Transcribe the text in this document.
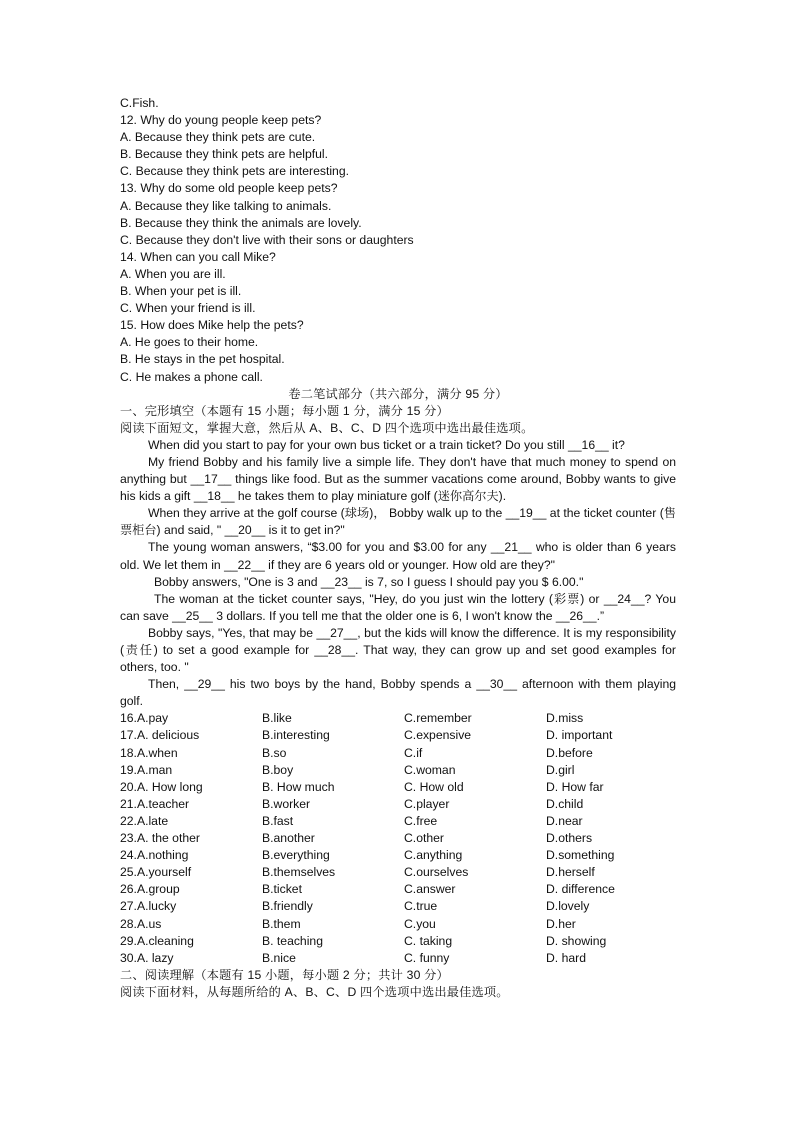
C.Fish.
12. Why do young people keep pets?
A. Because they think pets are cute.
B. Because they think pets are helpful.
C. Because they think pets are interesting.
13. Why do some old people keep pets?
A. Because they like talking to animals.
B. Because they think the animals are lovely.
C. Because they don't live with their sons or daughters
14. When can you call Mike?
A. When you are ill.
B. When your pet is ill.
C. When your friend is ill.
15. How does Mike help the pets?
A. He goes to their home.
B. He stays in the pet hospital.
C. He makes a phone call.
卷二笔试部分（共六部分，满分 95 分）
一、完形填空（本题有 15 小题；每小题 1 分，满分 15 分）
阅读下面短文，掌握大意，然后从 A、B、C、D 四个选项中选出最佳选项。
When did you start to pay for your own bus ticket or a train ticket? Do you still __16__ it?
My friend Bobby and his family live a simple life. They don't have that much money to spend on anything but __17__ things like food. But as the summer vacations come around, Bobby wants to give his kids a gift __18__ he takes them to play miniature golf (迷你高尔夫).
When they arrive at the golf course (球场)， Bobby walk up to the __19__ at the ticket counter (售票柜台) and said, " __20__ is it to get in?"
The young woman answers, “$3.00 for you and $3.00 for any __21__ who is older than 6 years old. We let them in __22__ if they are 6 years old or younger. How old are they?"
Bobby answers, "One is 3 and __23__ is 7, so I guess I should pay you $ 6.00."
The woman at the ticket counter says, "Hey, do you just win the lottery (彩票) or __24__? You can save __25__ 3 dollars. If you tell me that the older one is 6, I won't know the __26__.”
Bobby says, "Yes, that may be __27__, but the kids will know the difference. It is my responsibility (责任) to set a good example for __28__. That way, they can grow up and set good examples for others, too. "
Then, __29__ his two boys by the hand, Bobby spends a __30__ afternoon with them playing golf.
16.A.pay	B.like	C.remember	D.miss
17.A. delicious	B.interesting	C.expensive	D. important
18.A.when	B.so	C.if	D.before
19.A.man	B.boy	C.woman	D.girl
20.A. How long	B. How much	C. How old	D. How far
21.A.teacher	B.worker	C.player	D.child
22.A.late	B.fast	C.free	D.near
23.A. the other	B.another	C.other	D.others
24.A.nothing	B.everything	C.anything	D.something
25.A.yourself	B.themselves	C.ourselves	D.herself
26.A.group	B.ticket	C.answer	D. difference
27.A.lucky	B.friendly	C.true	D.lovely
28.A.us	B.them	C.you	D.her
29.A.cleaning	B. teaching	C. taking	D. showing
30.A. lazy	B.nice	C. funny	D. hard
二、阅读理解（本题有 15 小题，每小题 2 分；共计 30 分）
阅读下面材料，从每题所给的 A、B、C、D 四个选项中选出最佳选项。
